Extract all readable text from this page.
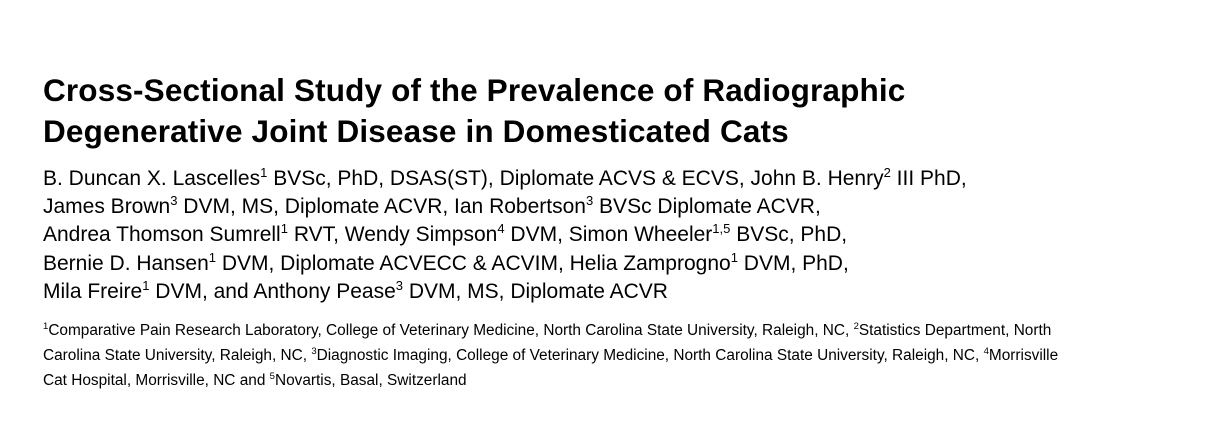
Cross-Sectional Study of the Prevalence of Radiographic
Degenerative Joint Disease in Domesticated Cats

B. Duncan X. Lascelles$^1$ BVSc, PhD, DSAS(ST), Diplomate ACVS & ECVS, John B. Henry$^2$ III PhD,
James Brown$^3$ DVM, MS, Diplomate ACVR, Ian Robertson$^3$ BVSc Diplomate ACVR,
Andrea Thomson Sumrell$^1$ RVT, Wendy Simpson$^4$ DVM, Simon Wheeler$^{1,5}$ BVSc, PhD,
Bernie D. Hansen$^1$ DVM, Diplomate ACVECC & ACVIM, Helia Zamprogno$^1$ DVM, PhD,
Mila Freire$^1$ DVM, and Anthony Pease$^3$ DVM, MS, Diplomate ACVR

$^1$Comparative Pain Research Laboratory, College of Veterinary Medicine, North Carolina State University, Raleigh, NC, $^2$Statistics Department, North
Carolina State University, Raleigh, NC, $^3$Diagnostic Imaging, College of Veterinary Medicine, North Carolina State University, Raleigh, NC, $^4$Morrisville
Cat Hospital, Morrisville, NC and $^5$Novartis, Basal, Switzerland
